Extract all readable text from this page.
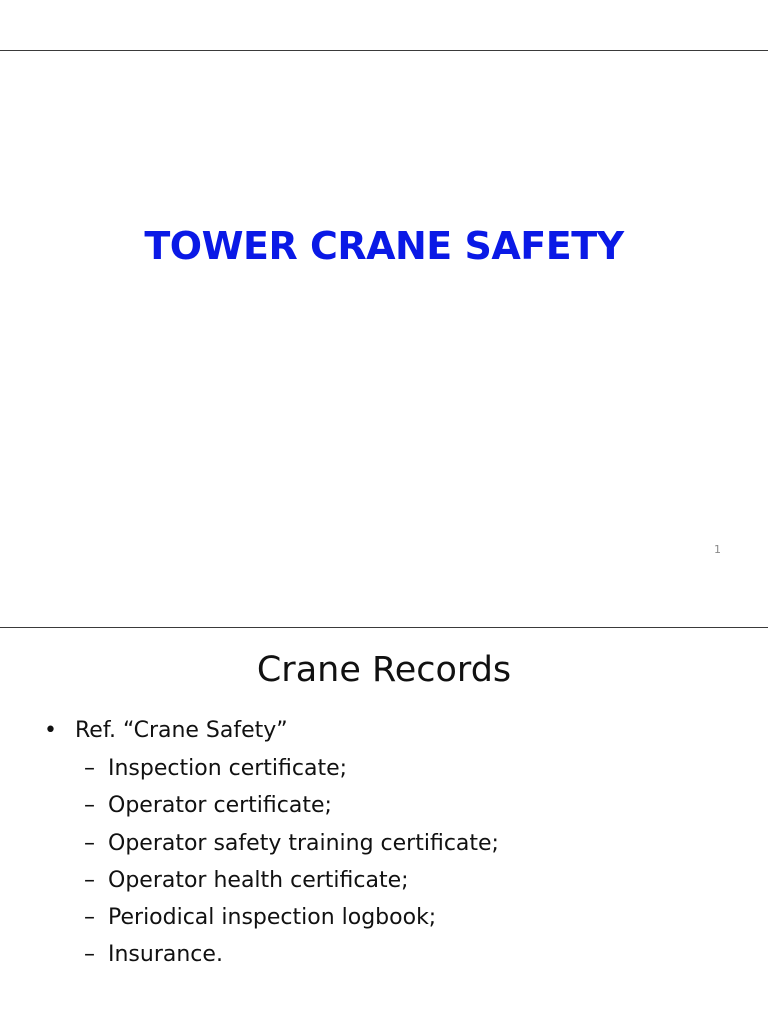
TOWER CRANE SAFETY
1
Crane Records
• Ref. “Crane Safety”
– Inspection certificate;
– Operator certificate;
– Operator safety training certificate;
– Operator health certificate;
– Periodical inspection logbook;
– Insurance.
